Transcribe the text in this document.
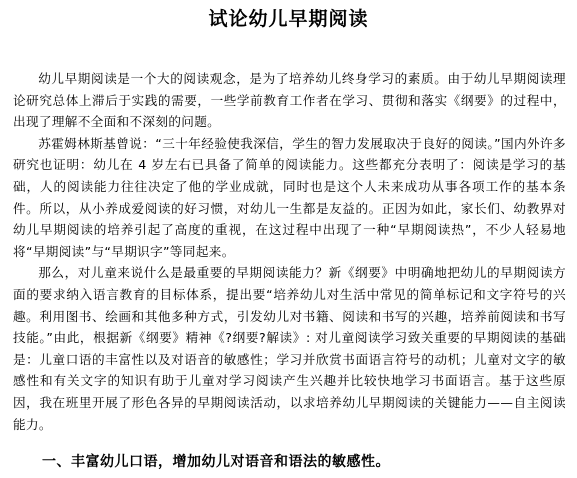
试论幼儿早期阅读

幼儿早期阅读是一个大的阅读观念，是为了培养幼儿终身学习的素质。由于幼儿早期阅读理论研究总体上滞后于实践的需要，一些学前教育工作者在学习、贯彻和落实《纲要》的过程中，出现了理解不全面和不深刻的问题。

苏霍姆林斯基曾说：“三十年经验使我深信，学生的智力发展取决于良好的阅读。”国内外许多研究也证明：幼儿在 4 岁左右已具备了简单的阅读能力。这些都充分表明了：阅读是学习的基础，人的阅读能力往往决定了他的学业成就，同时也是这个人未来成功从事各项工作的基本条件。所以，从小养成爱阅读的好习惯，对幼儿一生都是友益的。正因为如此，家长们、幼教界对幼儿早期阅读的培养引起了高度的重视，在这过程中出现了一种“早期阅读热”，不少人轻易地将“早期阅读”与“早期识字”等同起来。

那么，对儿童来说什么是最重要的早期阅读能力？新《纲要》中明确地把幼儿的早期阅读方面的要求纳入语言教育的目标体系，提出要“培养幼儿对生活中常见的简单标记和文字符号的兴趣。利用图书、绘画和其他多种方式，引发幼儿对书籍、阅读和书写的兴趣，培养前阅读和书写技能。”由此，根据新《纲要》精神《?纲要?解读》: 对儿童阅读学习致关重要的早期阅读的基础是：儿童口语的丰富性以及对语音的敏感性；学习并欣赏书面语言符号的动机；儿童对文字的敏感性和有关文字的知识有助于儿童对学习阅读产生兴趣并比较快地学习书面语言。基于这些原因，我在班里开展了形色各异的早期阅读活动，以求培养幼儿早期阅读的关键能力——自主阅读能力。

一、丰富幼儿口语，增加幼儿对语音和语法的敏感性。
